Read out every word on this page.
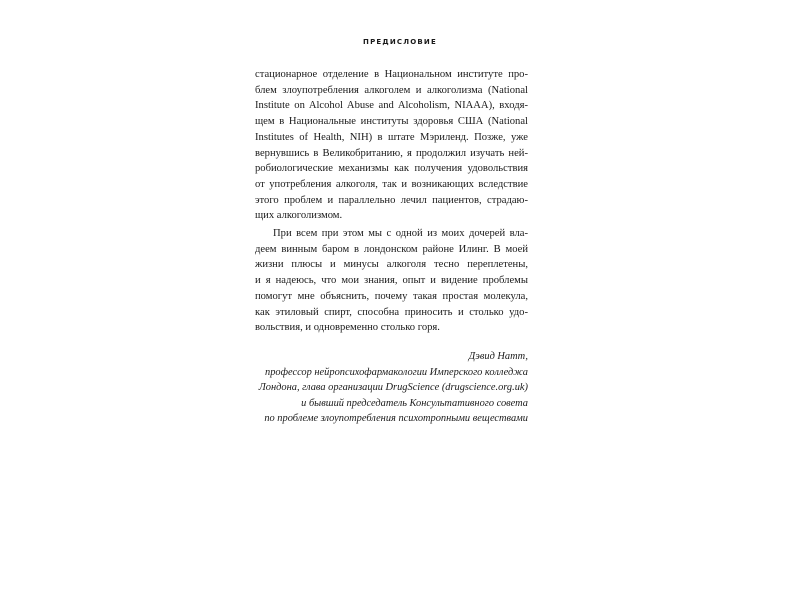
ПРЕДИСЛОВИЕ

стационарное отделение в Национальном институте про-
блем злоупотребления алкоголем и алкоголизма (National
Institute on Alcohol Abuse and Alcoholism, NIAAA), входя-
щем в Национальные институты здоровья США (National
Institutes of Health, NIH) в штате Мэриленд. Позже, уже
вернувшись в Великобританию, я продолжил изучать ней-
робиологические механизмы как получения удовольствия
от употребления алкоголя, так и возникающих вследствие
этого проблем и параллельно лечил пациентов, страдаю-
щих алкоголизмом.

При всем при этом мы с одной из моих дочерей вла-
деем винным баром в лондонском районе Илинг. В моей
жизни плюсы и минусы алкоголя тесно переплетены,
и я надеюсь, что мои знания, опыт и видение проблемы
помогут мне объяснить, почему такая простая молекула,
как этиловый спирт, способна приносить и столько удо-
вольствия, и одновременно столько горя.

Дэвид Натт,
профессор нейропсихофармакологии Имперского колледжа
Лондона, глава организации DrugScience (drugscience.org.uk)
и бывший председатель Консультативного совета
по проблеме злоупотребления психотропными веществами
